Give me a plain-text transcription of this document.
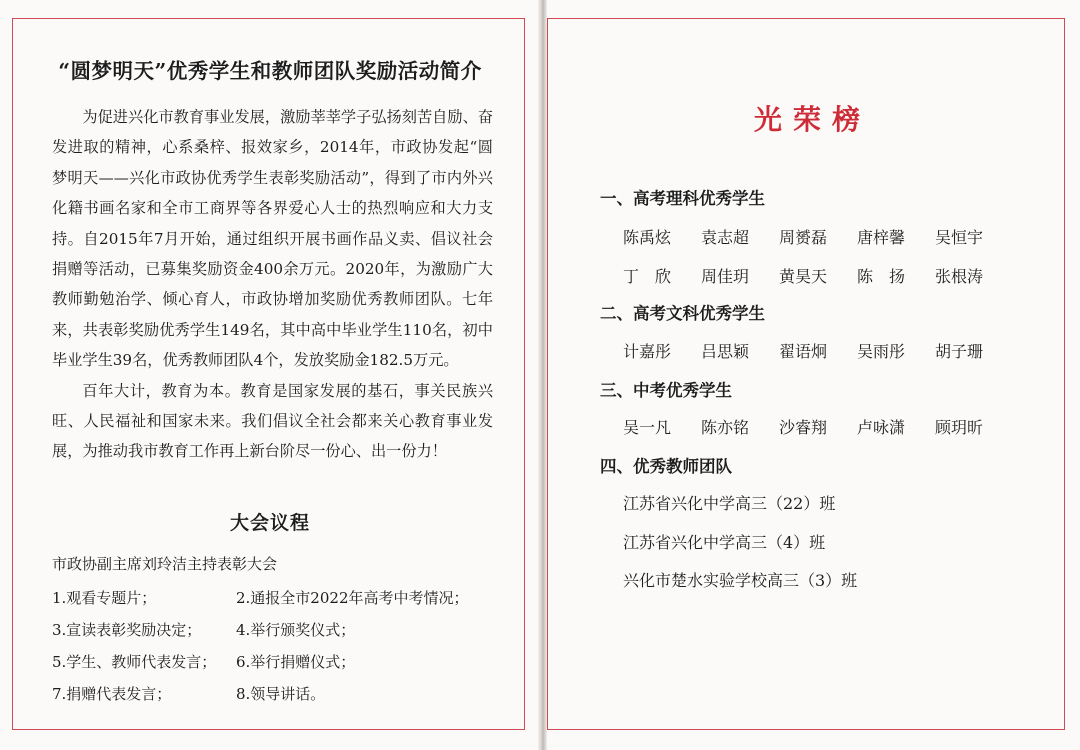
“圆梦明天”优秀学生和教师团队奖励活动简介

为促进兴化市教育事业发展，激励莘莘学子弘扬刻苦自励、奋发进取的精神，心系桑梓、报效家乡，2014年，市政协发起“圆梦明天——兴化市政协优秀学生表彰奖励活动”，得到了市内外兴化籍书画名家和全市工商界等各界爱心人士的热烈响应和大力支持。自2015年7月开始，通过组织开展书画作品义卖、倡议社会捐赠等活动，已募集奖励资金400余万元。2020年，为激励广大教师勤勉治学、倾心育人，市政协增加奖励优秀教师团队。七年来，共表彰奖励优秀学生149名，其中高中毕业学生110名，初中毕业学生39名，优秀教师团队4个，发放奖励金182.5万元。

百年大计，教育为本。教育是国家发展的基石，事关民族兴旺、人民福祉和国家未来。我们倡议全社会都来关心教育事业发展，为推动我市教育工作再上新台阶尽一份心、出一份力！

大会议程
市政协副主席刘玲洁主持表彰大会
1.观看专题片；	2.通报全市2022年高考中考情况；
3.宣读表彰奖励决定；	4.举行颁奖仪式；
5.学生、教师代表发言；	6.举行捐赠仪式；
7.捐赠代表发言；	8.领导讲话。
光荣榜
一、高考理科优秀学生
陈禹炫	袁志超	周赟磊	唐梓馨	吴恒宇
丁　欣	周佳玥	黄昊天	陈　扬	张根涛
二、高考文科优秀学生
计嘉彤	吕思颖	翟语炯	吴雨彤	胡子珊
三、中考优秀学生
吴一凡	陈亦铭	沙睿翔	卢咏潇	顾玥昕
四、优秀教师团队
江苏省兴化中学高三（22）班
江苏省兴化中学高三（4）班
兴化市楚水实验学校高三（3）班
